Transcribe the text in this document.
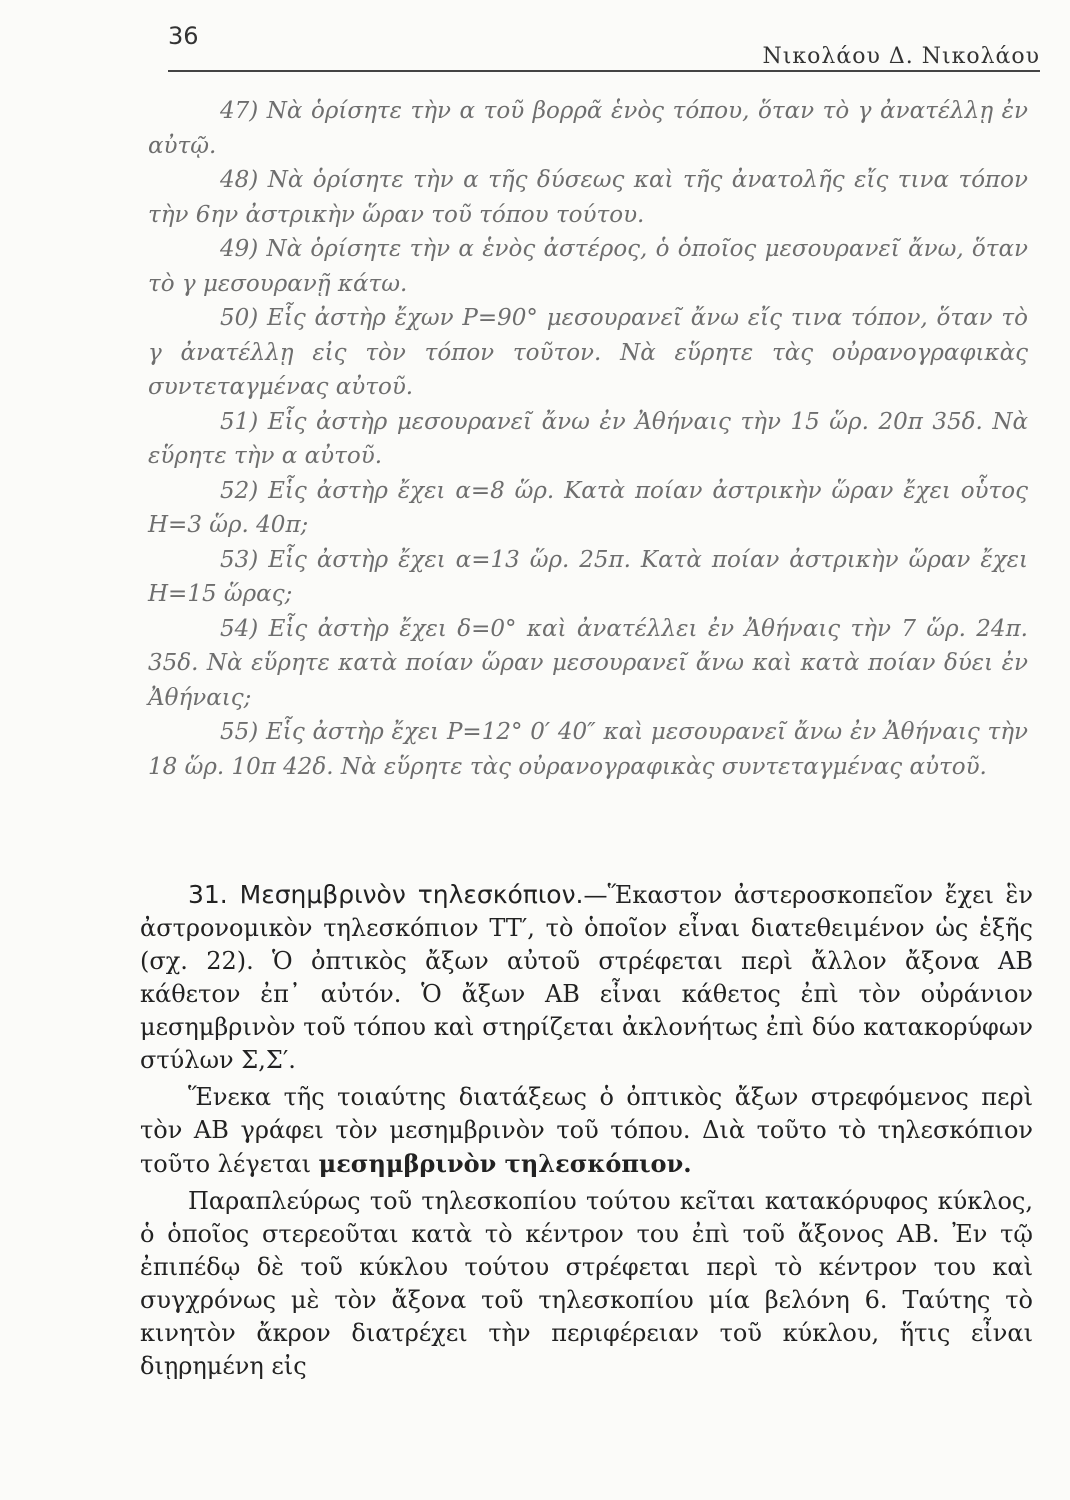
36
Νικολάου Δ. Νικολάου

47) Νὰ ὁρίσητε τὴν α τοῦ βορρᾶ ἑνὸς τόπου, ὅταν τὸ γ ἀνατέλλῃ ἐν αὐτῷ.

48) Νὰ ὁρίσητε τὴν α τῆς δύσεως καὶ τῆς ἀνατολῆς εἴς τινα τόπον τὴν 6ην ἀστρικὴν ὥραν τοῦ τόπου τούτου.

49) Νὰ ὁρίσητε τὴν α ἑνὸς ἀστέρος, ὁ ὁποῖος μεσουρανεῖ ἄνω, ὅταν τὸ γ μεσουρανῇ κάτω.

50) Εἷς ἀστὴρ ἔχων P=90° μεσουρανεῖ ἄνω εἴς τινα τόπον, ὅταν τὸ γ ἀνατέλλῃ εἰς τὸν τόπον τοῦτον. Νὰ εὕρητε τὰς οὐρανογραφικὰς συντεταγμένας αὐτοῦ.

51) Εἷς ἀστὴρ μεσουρανεῖ ἄνω ἐν Ἀθήναις τὴν 15 ὥρ. 20π 35δ. Νὰ εὕρητε τὴν α αὐτοῦ.

52) Εἷς ἀστὴρ ἔχει α=8 ὥρ. Κατὰ ποίαν ἀστρικὴν ὥραν ἔχει οὗτος H=3 ὥρ. 40π;

53) Εἷς ἀστὴρ ἔχει α=13 ὥρ. 25π. Κατὰ ποίαν ἀστρικὴν ὥραν ἔχει H=15 ὥρας;

54) Εἷς ἀστὴρ ἔχει δ=0° καὶ ἀνατέλλει ἐν Ἀθήναις τὴν 7 ὥρ. 24π. 35δ. Νὰ εὕρητε κατὰ ποίαν ὥραν μεσουρανεῖ ἄνω καὶ κατὰ ποίαν δύει ἐν Ἀθήναις;

55) Εἷς ἀστὴρ ἔχει P=12° 0′ 40″ καὶ μεσουρανεῖ ἄνω ἐν Ἀθήναις τὴν 18 ὥρ. 10π 42δ. Νὰ εὕρητε τὰς οὐρανογραφικὰς συντεταγμένας αὐτοῦ.

31. Μεσημβρινὸν τηλεσκόπιον.—Ἕκαστον ἀστεροσκοπεῖον ἔχει ἓν ἀστρονομικὸν τηλεσκόπιον TT′, τὸ ὁποῖον εἶναι διατεθειμένον ὡς ἑξῆς (σχ. 22). Ὁ ὀπτικὸς ἄξων αὐτοῦ στρέφεται περὶ ἄλλον ἄξονα AB κάθετον ἐπ᾽ αὐτόν. Ὁ ἄξων AB εἶναι κάθετος ἐπὶ τὸν οὐράνιον μεσημβρινὸν τοῦ τόπου καὶ στηρίζεται ἀκλονήτως ἐπὶ δύο κατακορύφων στύλων Σ,Σ′.

Ἕνεκα τῆς τοιαύτης διατάξεως ὁ ὀπτικὸς ἄξων στρεφόμενος περὶ τὸν AB γράφει τὸν μεσημβρινὸν τοῦ τόπου. Διὰ τοῦτο τὸ τηλεσκόπιον τοῦτο λέγεται μεσημβρινὸν τηλεσκόπιον.

Παραπλεύρως τοῦ τηλεσκοπίου τούτου κεῖται κατακόρυφος κύκλος, ὁ ὁποῖος στερεοῦται κατὰ τὸ κέντρον του ἐπὶ τοῦ ἄξονος AB. Ἐν τῷ ἐπιπέδῳ δὲ τοῦ κύκλου τούτου στρέφεται περὶ τὸ κέντρον του καὶ συγχρόνως μὲ τὸν ἄξονα τοῦ τηλεσκοπίου μία βελόνη 6. Ταύτης τὸ κινητὸν ἄκρον διατρέχει τὴν περιφέρειαν τοῦ κύκλου, ἥτις εἶναι διῃρημένη εἰς
